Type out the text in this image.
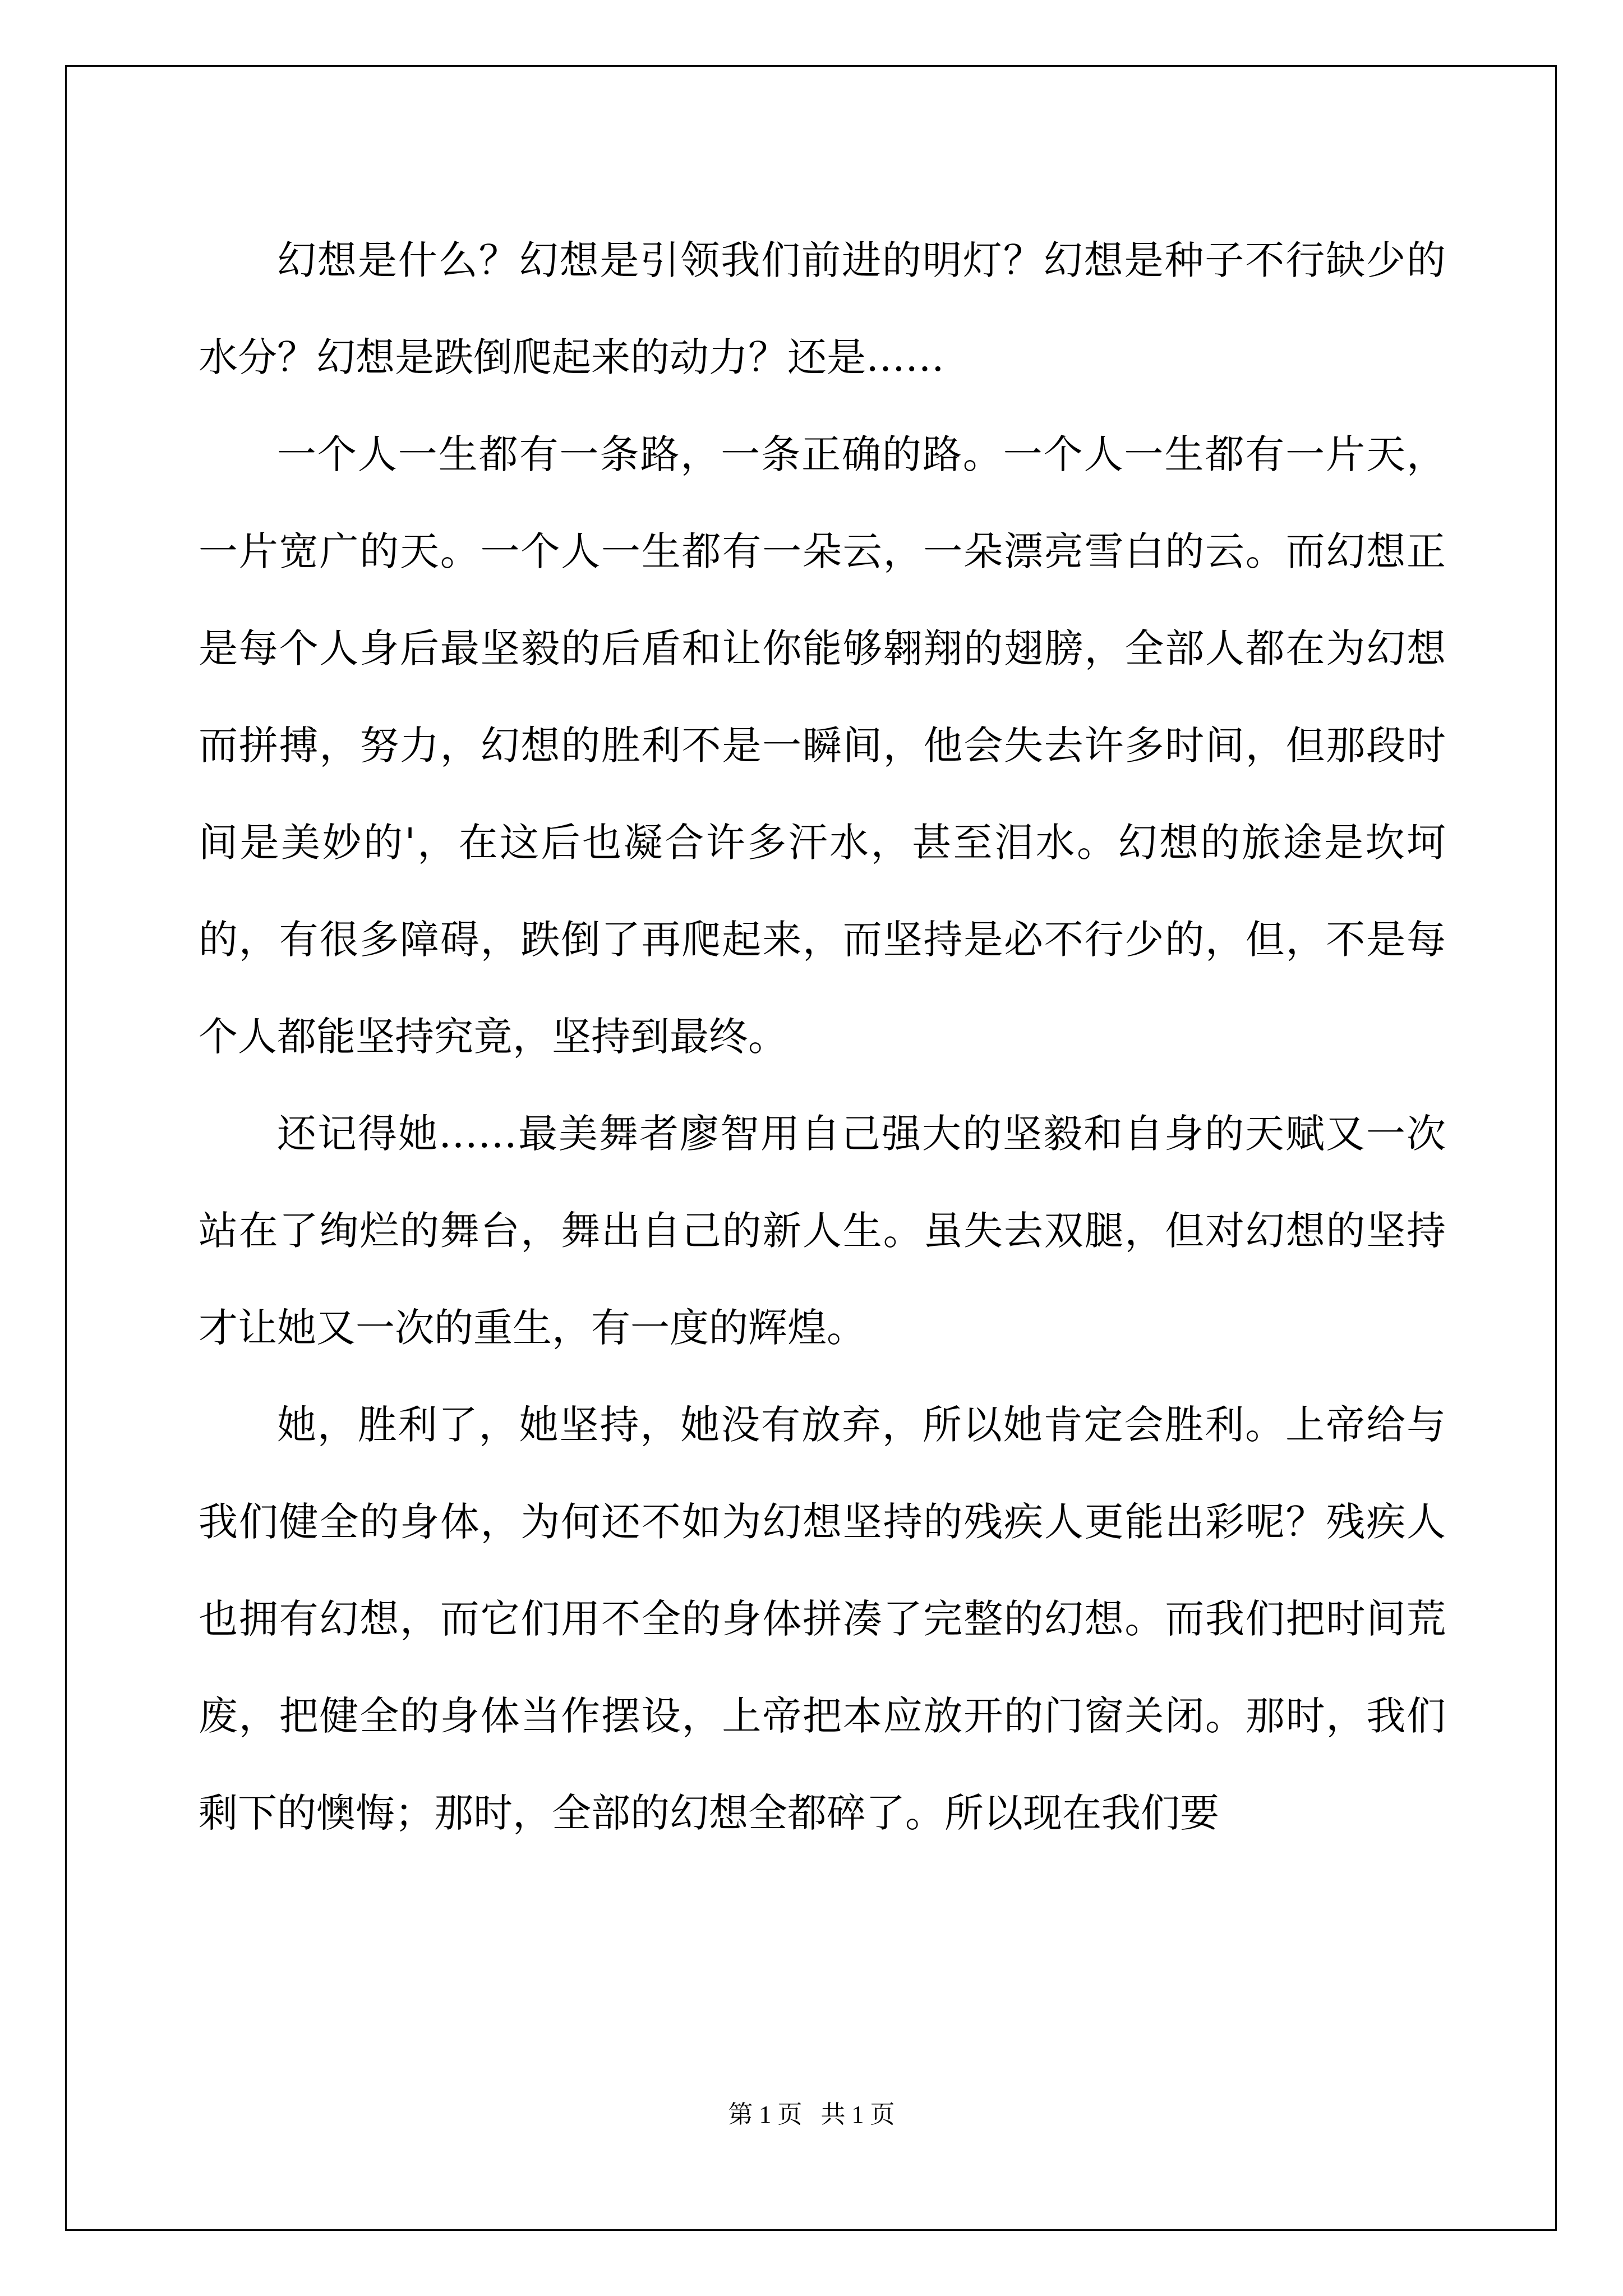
幻想是什么？幻想是引领我们前进的明灯？幻想是种子不行缺少的水分？幻想是跌倒爬起来的动力？还是……

一个人一生都有一条路，一条正确的路。一个人一生都有一片天，一片宽广的天。一个人一生都有一朵云，一朵漂亮雪白的云。而幻想正是每个人身后最坚毅的后盾和让你能够翱翔的翅膀，全部人都在为幻想而拼搏，努力，幻想的胜利不是一瞬间，他会失去许多时间，但那段时间是美妙的'，在这后也凝合许多汗水，甚至泪水。幻想的旅途是坎坷的，有很多障碍，跌倒了再爬起来，而坚持是必不行少的，但，不是每个人都能坚持究竟，坚持到最终。

还记得她……最美舞者廖智用自己强大的坚毅和自身的天赋又一次站在了绚烂的舞台，舞出自己的新人生。虽失去双腿，但对幻想的坚持才让她又一次的重生，有一度的辉煌。

她，胜利了，她坚持，她没有放弃，所以她肯定会胜利。上帝给与我们健全的身体，为何还不如为幻想坚持的残疾人更能出彩呢？残疾人也拥有幻想，而它们用不全的身体拼凑了完整的幻想。而我们把时间荒废，把健全的身体当作摆设，上帝把本应放开的门窗关闭。那时，我们剩下的懊悔；那时，全部的幻想全都碎了。所以现在我们要

第 1 页   共 1 页
